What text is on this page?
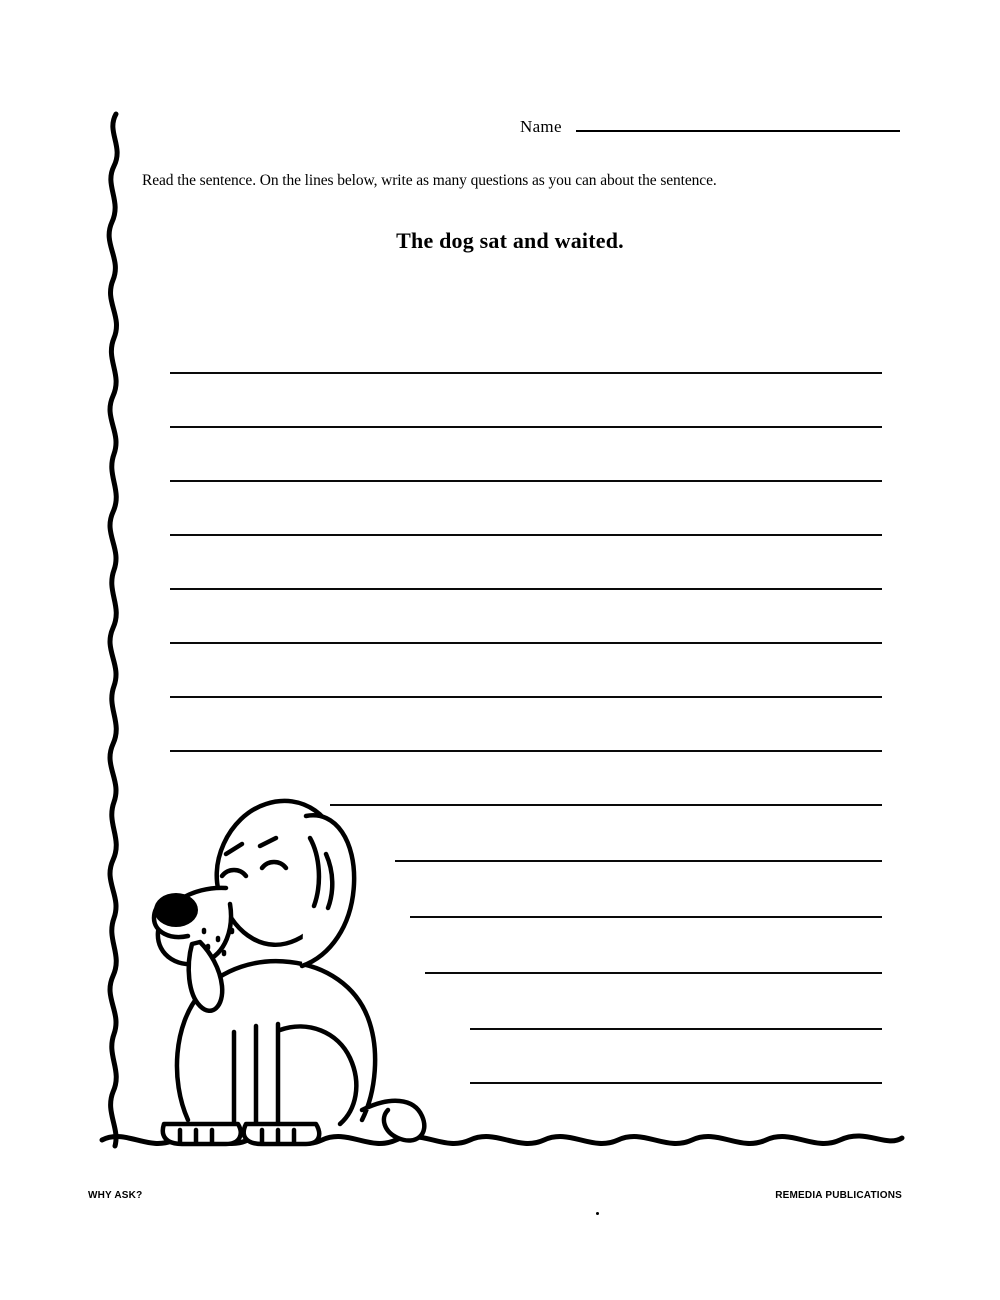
Name
Read the sentence. On the lines below, write as many questions as you can about the sentence.
The dog sat and waited.
WHY ASK?	REMEDIA PUBLICATIONS
